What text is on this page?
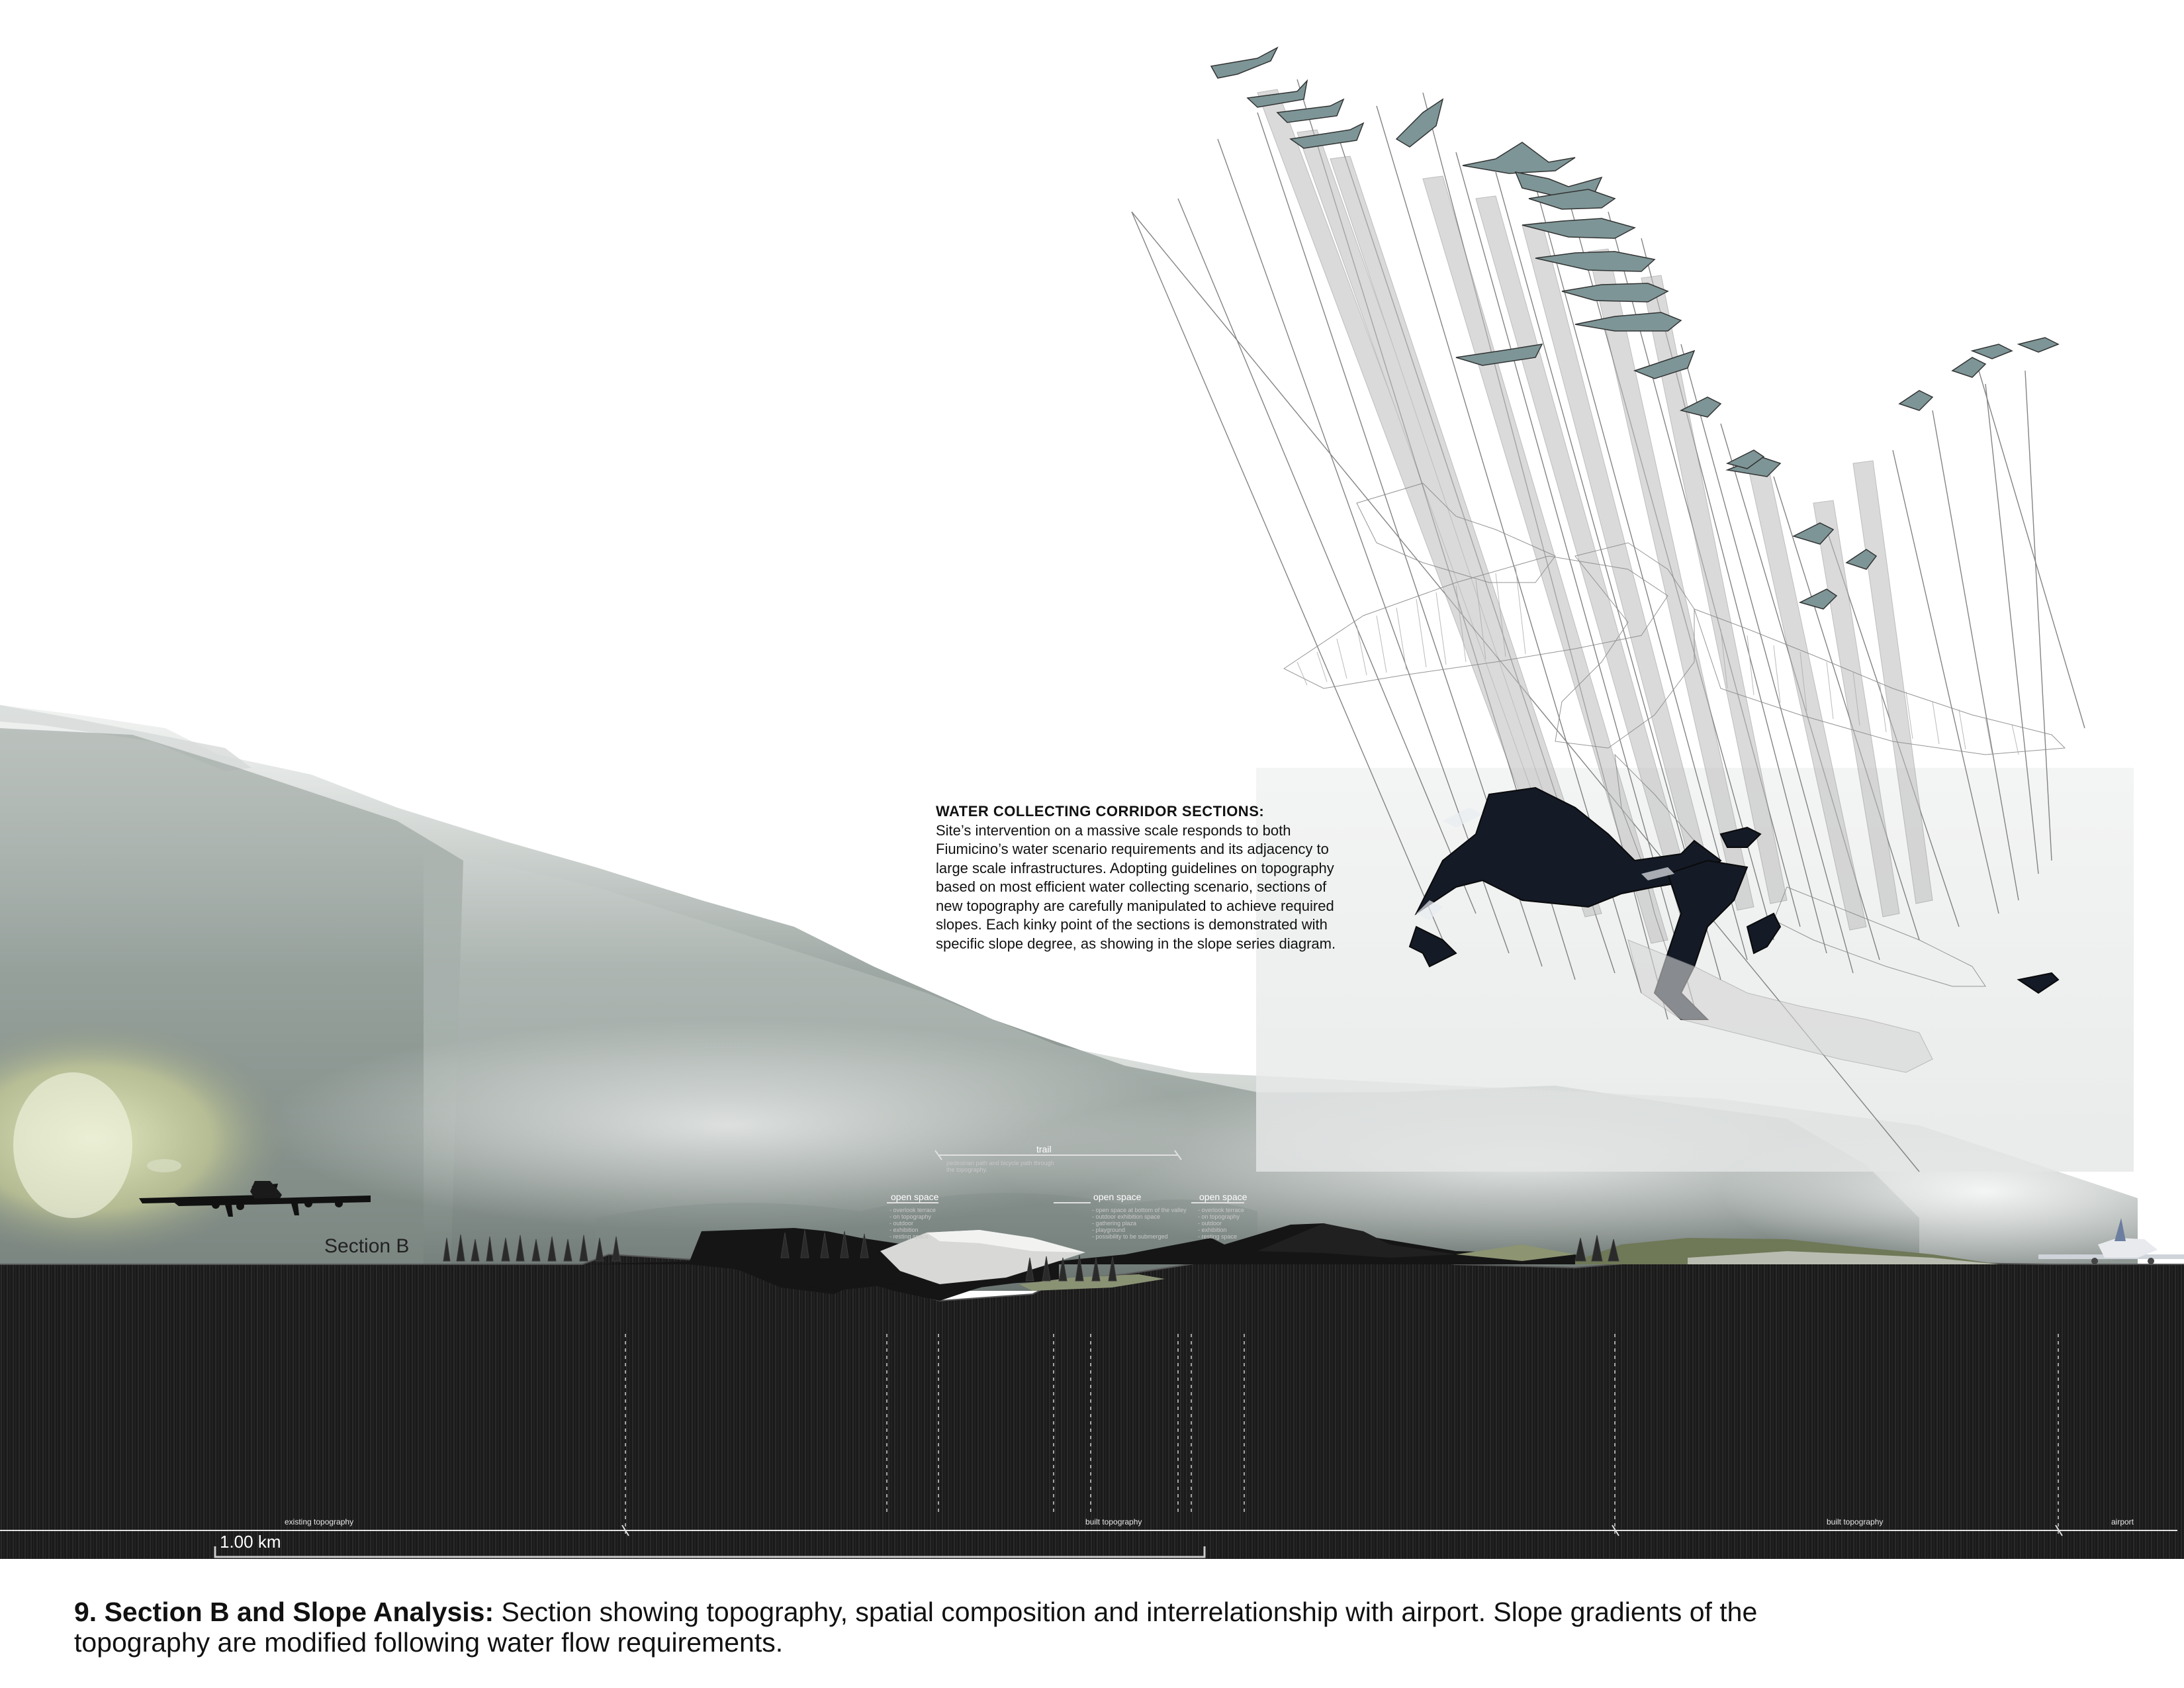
Section B
WATER COLLECTING CORRIDOR SECTIONS:
Site’s intervention on a massive scale responds to both Fiumicino’s water scenario requirements and its adjacency to large scale infrastructures. Adopting guidelines on topography based on most efficient water collecting scenario, sections of new topography are carefully manipulated to achieve required slopes. Each kinky point of the sections is demonstrated with specific slope degree, as showing in the slope series diagram.
trail
pedestrian path and bicycle path through
the topography.
open space
- overlook terrace
- on topography
- outdoor
- exhibition
- resting space
open space
- open space at bottom of the valley
- outdoor exhibition space
- gathering plaza
- playground
- possibility to be submerged
open space
- overlook terrace
- on topography
- outdoor
- exhibition
- resting space
existing topography	built topography	built topography	airport
1.00 km
9. Section B and Slope Analysis: Section showing topography, spatial composition and interrelationship with airport. Slope gradients of the topography are modified following water flow requirements.
